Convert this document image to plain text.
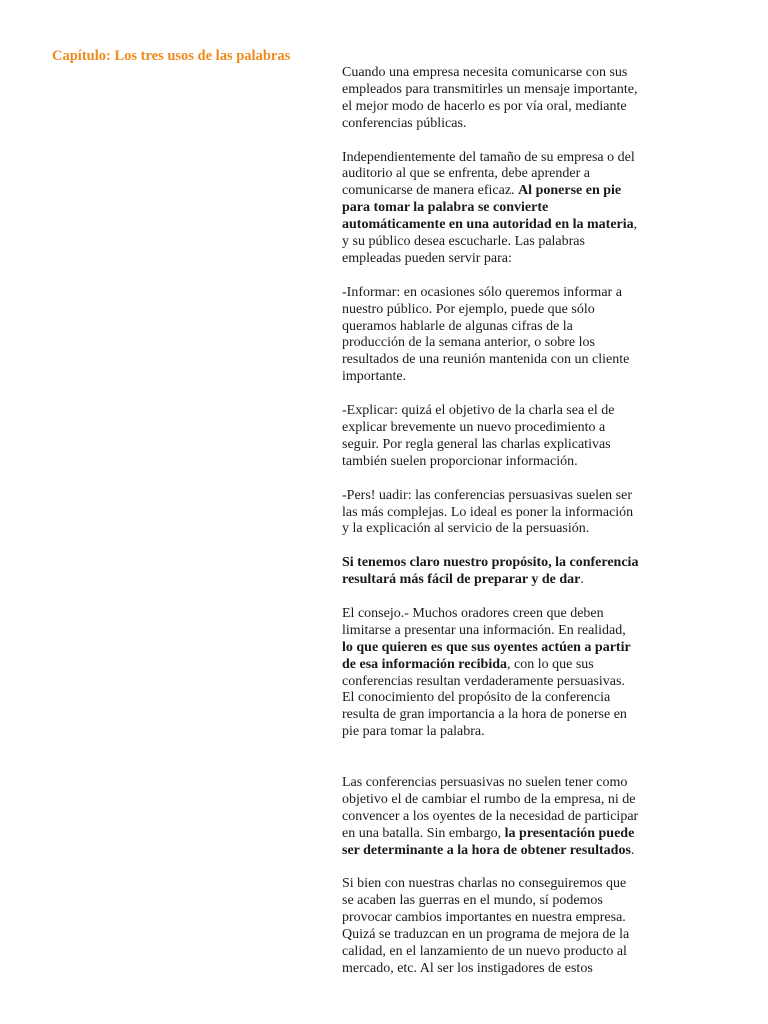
Capítulo: Los tres usos de las palabras

Cuando una empresa necesita comunicarse con sus
empleados para transmitirles un mensaje importante,
el mejor modo de hacerlo es por vía oral, mediante
conferencias públicas.

Independientemente del tamaño de su empresa o del
auditorio al que se enfrenta, debe aprender a
comunicarse de manera eficaz. Al ponerse en pie
para tomar la palabra se convierte
automáticamente en una autoridad en la materia,
y su público desea escucharle. Las palabras
empleadas pueden servir para:

-Informar: en ocasiones sólo queremos informar a
nuestro público. Por ejemplo, puede que sólo
queramos hablarle de algunas cifras de la
producción de la semana anterior, o sobre los
resultados de una reunión mantenida con un cliente
importante.

-Explicar: quizá el objetivo de la charla sea el de
explicar brevemente un nuevo procedimiento a
seguir. Por regla general las charlas explicativas
también suelen proporcionar información.

-Pers! uadir: las conferencias persuasivas suelen ser
las más complejas. Lo ideal es poner la información
y la explicación al servicio de la persuasión.

Si tenemos claro nuestro propósito, la conferencia
resultará más fácil de preparar y de dar.

El consejo.- Muchos oradores creen que deben
limitarse a presentar una información. En realidad,
lo que quieren es que sus oyentes actúen a partir
de esa información recibida, con lo que sus
conferencias resultan verdaderamente persuasivas.
El conocimiento del propósito de la conferencia
resulta de gran importancia a la hora de ponerse en
pie para tomar la palabra.

Las conferencias persuasivas no suelen tener como
objetivo el de cambiar el rumbo de la empresa, ni de
convencer a los oyentes de la necesidad de participar
en una batalla. Sin embargo, la presentación puede
ser determinante a la hora de obtener resultados.

Si bien con nuestras charlas no conseguiremos que
se acaben las guerras en el mundo, sí podemos
provocar cambios importantes en nuestra empresa.
Quizá se traduzcan en un programa de mejora de la
calidad, en el lanzamiento de un nuevo producto al
mercado, etc. Al ser los instigadores de estos
